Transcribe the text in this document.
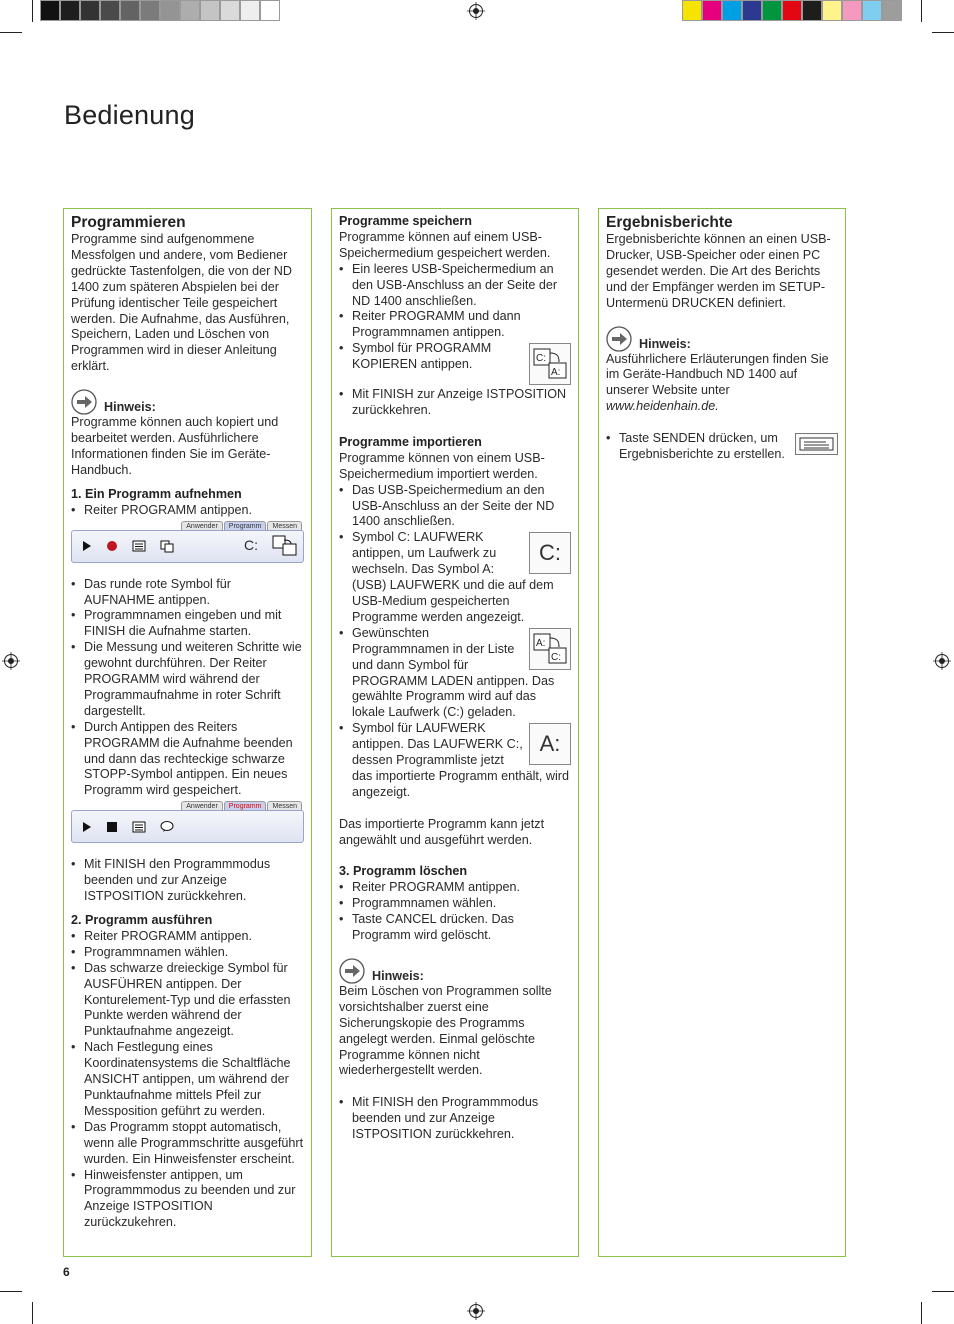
Bedienung
Programmieren

Programme sind aufgenommene Messfolgen und andere, vom Bediener gedrückte Tastenfolgen, die von der ND 1400 zum späteren Abspielen bei der Prüfung identischer Teile gespeichert werden. Die Aufnahme, das Ausführen, Speichern, Laden und Löschen von Programmen wird in dieser Anleitung erklärt.

Hinweis:

Programme können auch kopiert und bearbeitet werden. Ausführlichere Informationen finden Sie im Geräte-Handbuch.

1. Ein Programm aufnehmen
• Reiter PROGRAMM antippen.
Anwender	Programm	Messen
C:
• Das runde rote Symbol für AUFNAHME antippen.
• Programmnamen eingeben und mit FINISH die Aufnahme starten.
• Die Messung und weiteren Schritte wie gewohnt durchführen. Der Reiter PROGRAMM wird während der Programmaufnahme in roter Schrift dargestellt.
• Durch Antippen des Reiters PROGRAMM die Aufnahme beenden und dann das rechteckige schwarze STOPP-Symbol antippen. Ein neues Programm wird gespeichert.
Anwender	Programm	Messen
• Mit FINISH den Programmmodus beenden und zur Anzeige ISTPOSITION zurückkehren.
2. Programm ausführen
• Reiter PROGRAMM antippen.
• Programmnamen wählen.
• Das schwarze dreieckige Symbol für AUSFÜHREN antippen. Der Konturelement-Typ und die erfassten Punkte werden während der Punktaufnahme angezeigt.
• Nach Festlegung eines Koordinatensystems die Schaltfläche ANSICHT antippen, um während der Punktaufnahme mittels Pfeil zur Messposition geführt zu werden.
• Das Programm stoppt automatisch, wenn alle Programmschritte ausgeführt wurden. Ein Hinweisfenster erscheint.
• Hinweisfenster antippen, um Programmmodus zu beenden und zur Anzeige ISTPOSITION zurückzukehren.
Programme speichern

Programme können auf einem USB-Speichermedium gespeichert werden.

• Ein leeres USB-Speichermedium an den USB-Anschluss an der Seite der ND 1400 anschließen.
• Reiter PROGRAMM und dann Programmnamen antippen.
• C:
A:
Symbol für PROGRAMM KOPIEREN antippen.
• Mit FINISH zur Anzeige ISTPOSITION zurückkehren.
Programme importieren

Programme können von einem USB-Speichermedium importiert werden.

• Das USB-Speichermedium an den USB-Anschluss an der Seite der ND 1400 anschließen.
• C:
Symbol C: LAUFWERK antippen, um Laufwerk zu wechseln. Das Symbol A: (USB) LAUFWERK und die auf dem USB-Medium gespeicherten Programme werden angezeigt.
• A:
C:
Gewünschten Programmnamen in der Liste und dann Symbol für PROGRAMM LADEN antippen. Das gewählte Programm wird auf das lokale Laufwerk (C:) geladen.
• A:
Symbol für LAUFWERK antippen. Das LAUFWERK C:, dessen Programmliste jetzt das importierte Programm enthält, wird angezeigt.

Das importierte Programm kann jetzt angewählt und ausgeführt werden.

3. Programm löschen
• Reiter PROGRAMM antippen.
• Programmnamen wählen.
• Taste CANCEL drücken. Das Programm wird gelöscht.
Hinweis:

Beim Löschen von Programmen sollte vorsichtshalber zuerst eine Sicherungskopie des Programms angelegt werden. Einmal gelöschte Programme können nicht wiederhergestellt werden.

• Mit FINISH den Programmmodus beenden und zur Anzeige ISTPOSITION zurückkehren.
Ergebnisberichte

Ergebnisberichte können an einen USB-Drucker, USB-Speicher oder einen PC gesendet werden. Die Art des Berichts und der Empfänger werden im SETUP-Untermenü DRUCKEN definiert.

Hinweis:

Ausführlichere Erläuterungen finden Sie im Geräte-Handbuch ND 1400 auf unserer Website unter www.heidenhain.de.

• Taste SENDEN drücken, um Ergebnisberichte zu erstellen.
6
